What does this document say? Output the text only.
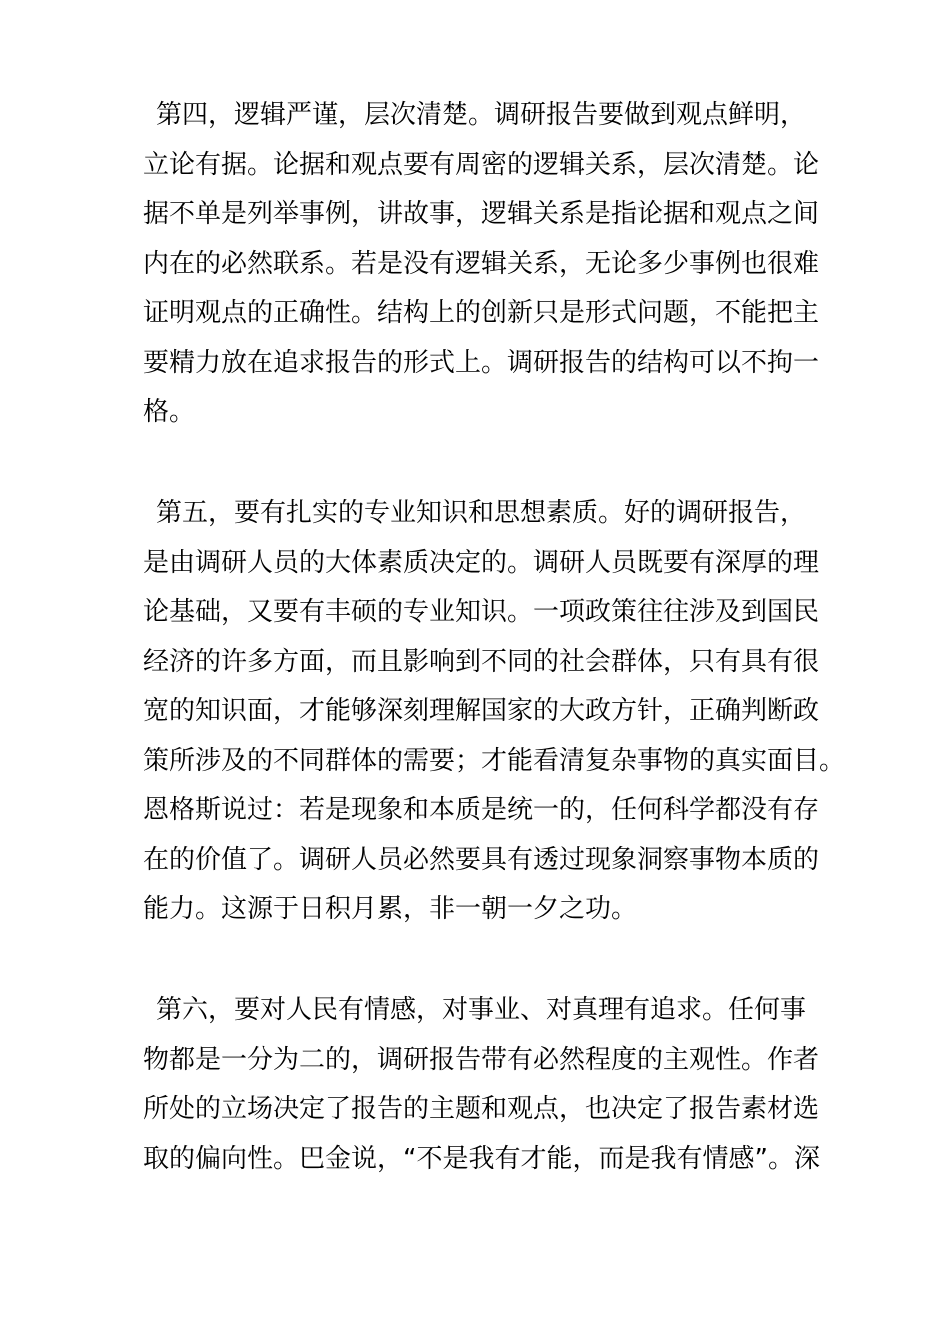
第四，逻辑严谨，层次清楚。调研报告要做到观点鲜明，
立论有据。论据和观点要有周密的逻辑关系，层次清楚。论
据不单是列举事例，讲故事，逻辑关系是指论据和观点之间
内在的必然联系。若是没有逻辑关系，无论多少事例也很难
证明观点的正确性。结构上的创新只是形式问题，不能把主
要精力放在追求报告的形式上。调研报告的结构可以不拘一
格。
第五，要有扎实的专业知识和思想素质。好的调研报告，
是由调研人员的大体素质决定的。调研人员既要有深厚的理
论基础，又要有丰硕的专业知识。一项政策往往涉及到国民
经济的许多方面，而且影响到不同的社会群体，只有具有很
宽的知识面，才能够深刻理解国家的大政方针，正确判断政
策所涉及的不同群体的需要；才能看清复杂事物的真实面目。
恩格斯说过：若是现象和本质是统一的，任何科学都没有存
在的价值了。调研人员必然要具有透过现象洞察事物本质的
能力。这源于日积月累，非一朝一夕之功。
第六，要对人民有情感，对事业、对真理有追求。任何事
物都是一分为二的，调研报告带有必然程度的主观性。作者
所处的立场决定了报告的主题和观点，也决定了报告素材选
取的偏向性。巴金说，“不是我有才能，而是我有情感”。深
